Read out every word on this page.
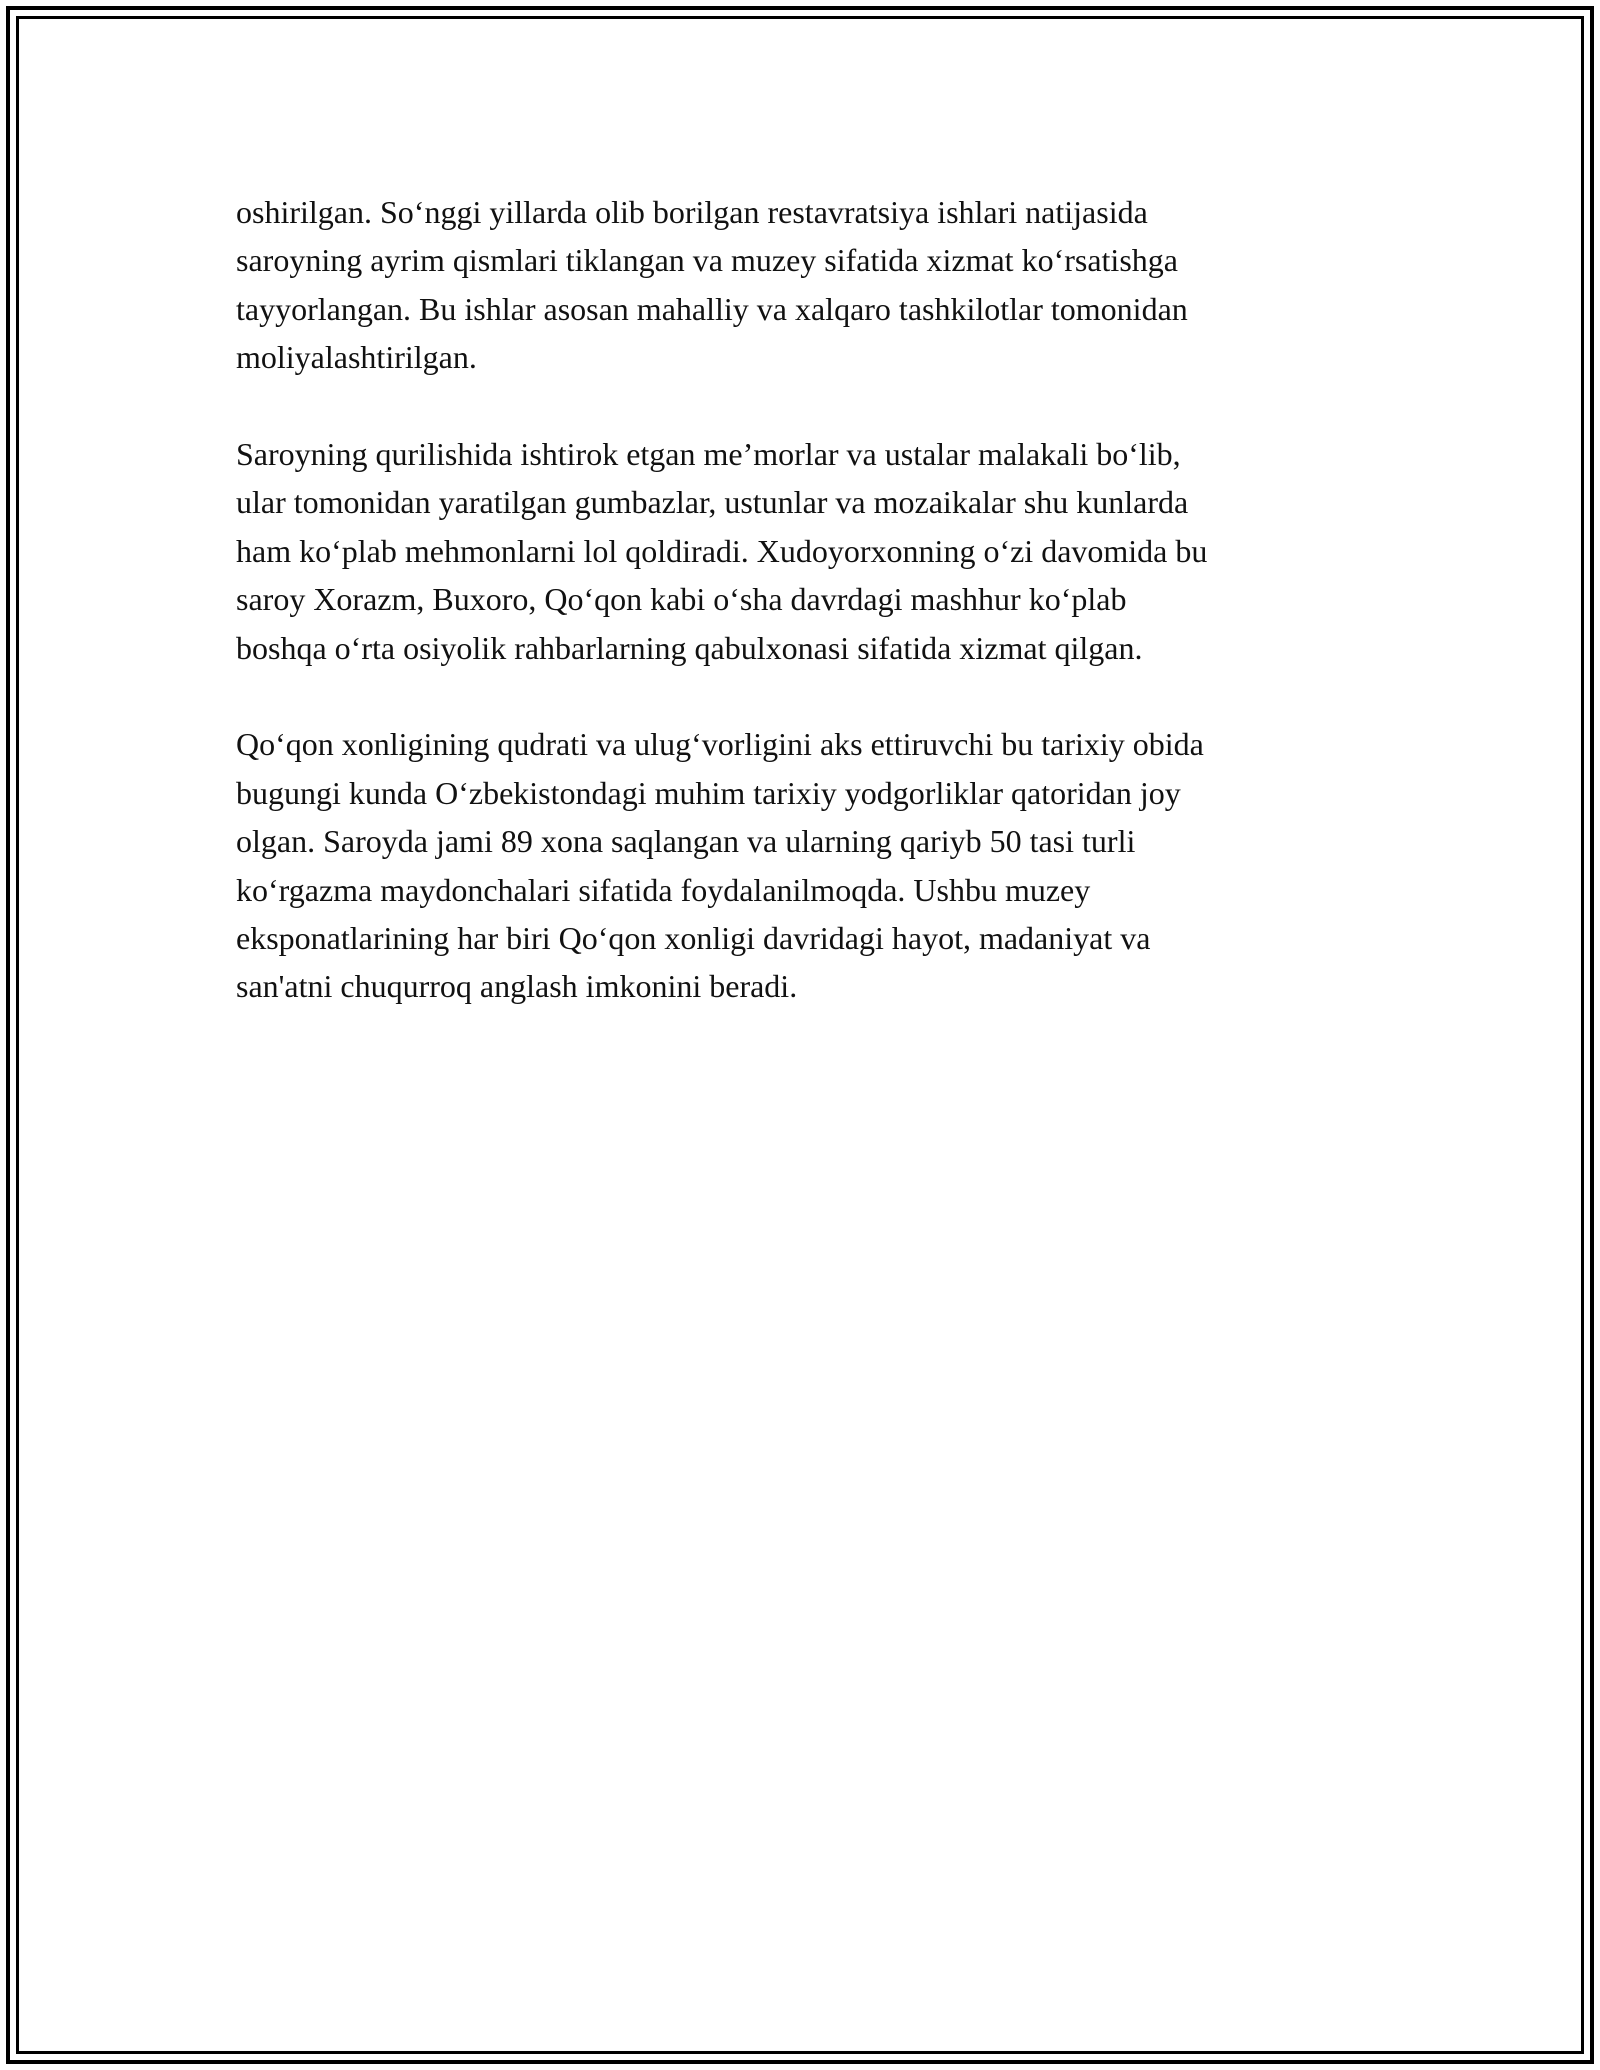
oshirilgan. So‘nggi yillarda olib borilgan restavratsiya ishlari natijasida
saroyning ayrim qismlari tiklangan va muzey sifatida xizmat ko‘rsatishga
tayyorlangan. Bu ishlar asosan mahalliy va xalqaro tashkilotlar tomonidan
moliyalashtirilgan.

Saroyning qurilishida ishtirok etgan me’morlar va ustalar malakali bo‘lib,
ular tomonidan yaratilgan gumbazlar, ustunlar va mozaikalar shu kunlarda
ham ko‘plab mehmonlarni lol qoldiradi. Xudoyorxonning o‘zi davomida bu
saroy Xorazm, Buxoro, Qo‘qon kabi o‘sha davrdagi mashhur ko‘plab
boshqa o‘rta osiyolik rahbarlarning qabulxonasi sifatida xizmat qilgan.

Qo‘qon xonligining qudrati va ulug‘vorligini aks ettiruvchi bu tarixiy obida
bugungi kunda O‘zbekistondagi muhim tarixiy yodgorliklar qatoridan joy
olgan. Saroyda jami 89 xona saqlangan va ularning qariyb 50 tasi turli
ko‘rgazma maydonchalari sifatida foydalanilmoqda. Ushbu muzey
eksponatlarining har biri Qo‘qon xonligi davridagi hayot, madaniyat va
san'atni chuqurroq anglash imkonini beradi.
